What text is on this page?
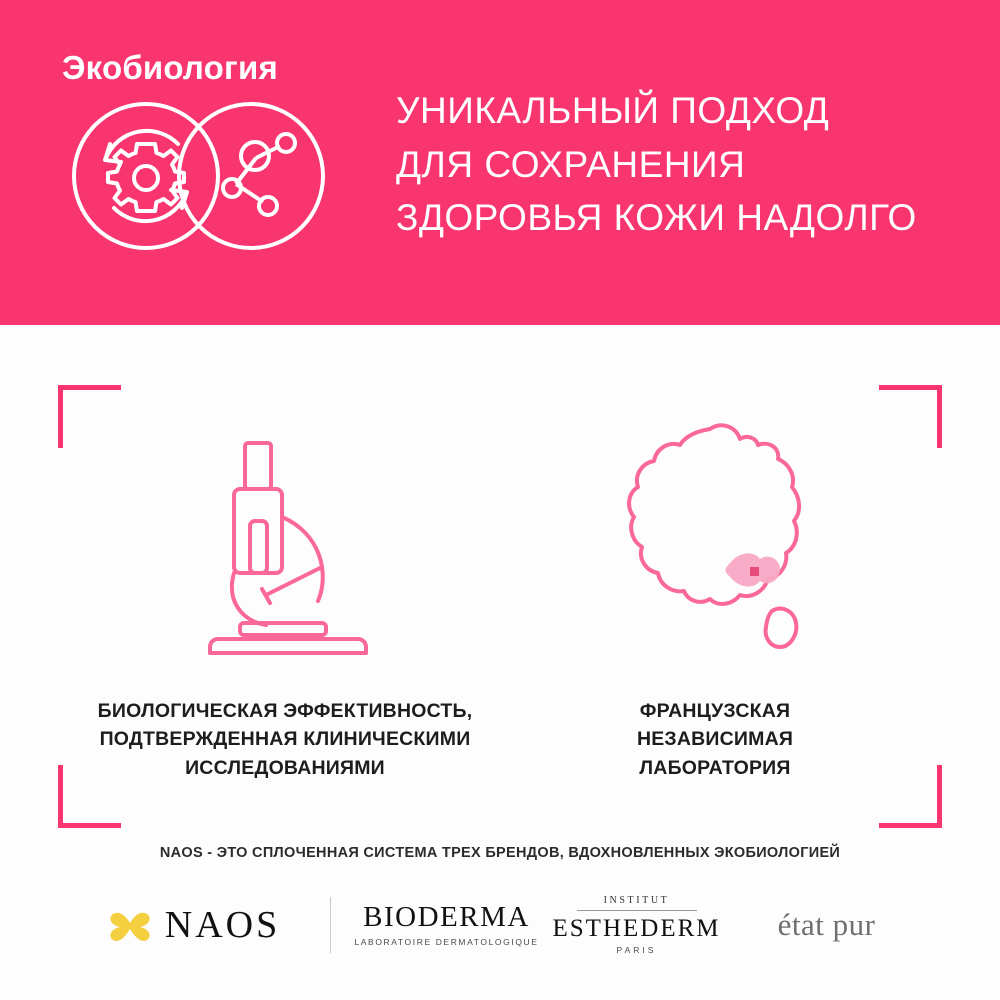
Экобиология
УНИКАЛЬНЫЙ ПОДХОД
ДЛЯ СОХРАНЕНИЯ
ЗДОРОВЬЯ КОЖИ НАДОЛГО
БИОЛОГИЧЕСКАЯ ЭФФЕКТИВНОСТЬ,
ПОДТВЕРЖДЕННАЯ КЛИНИЧЕСКИМИ
ИССЛЕДОВАНИЯМИ
ФРАНЦУЗСКАЯ
НЕЗАВИСИМАЯ
ЛАБОРАТОРИЯ
NAOS - ЭТО СПЛОЧЕННАЯ СИСТЕМА ТРЕХ БРЕНДОВ, ВДОХНОВЛЕННЫХ ЭКОБИОЛОГИЕЙ
NAOS	BIODERMA
LABORATOIRE DERMATOLOGIQUE
INSTITUT
ESTHEDERM
PARIS
état pur
